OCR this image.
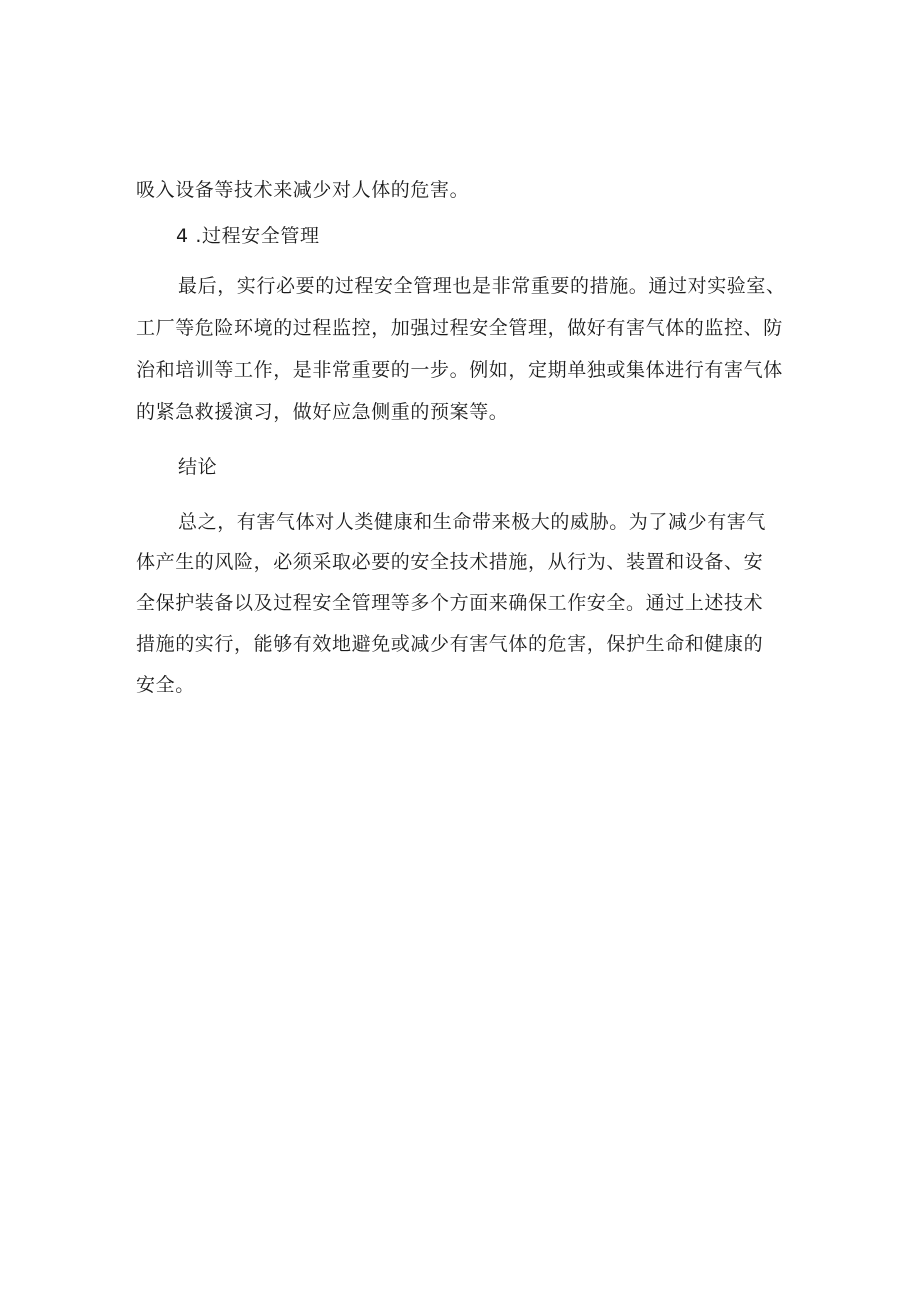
吸入设备等技术来减少对人体的危害。
4 .过程安全管理
最后，实行必要的过程安全管理也是非常重要的措施。通过对实验室、
工厂等危险环境的过程监控，加强过程安全管理，做好有害气体的监控、防
治和培训等工作，是非常重要的一步。例如，定期单独或集体进行有害气体
的紧急救援演习，做好应急侧重的预案等。
结论
总之，有害气体对人类健康和生命带来极大的威胁。为了减少有害气
体产生的风险，必须采取必要的安全技术措施，从行为、装置和设备、安
全保护装备以及过程安全管理等多个方面来确保工作安全。通过上述技术
措施的实行，能够有效地避免或减少有害气体的危害，保护生命和健康的
安全。
